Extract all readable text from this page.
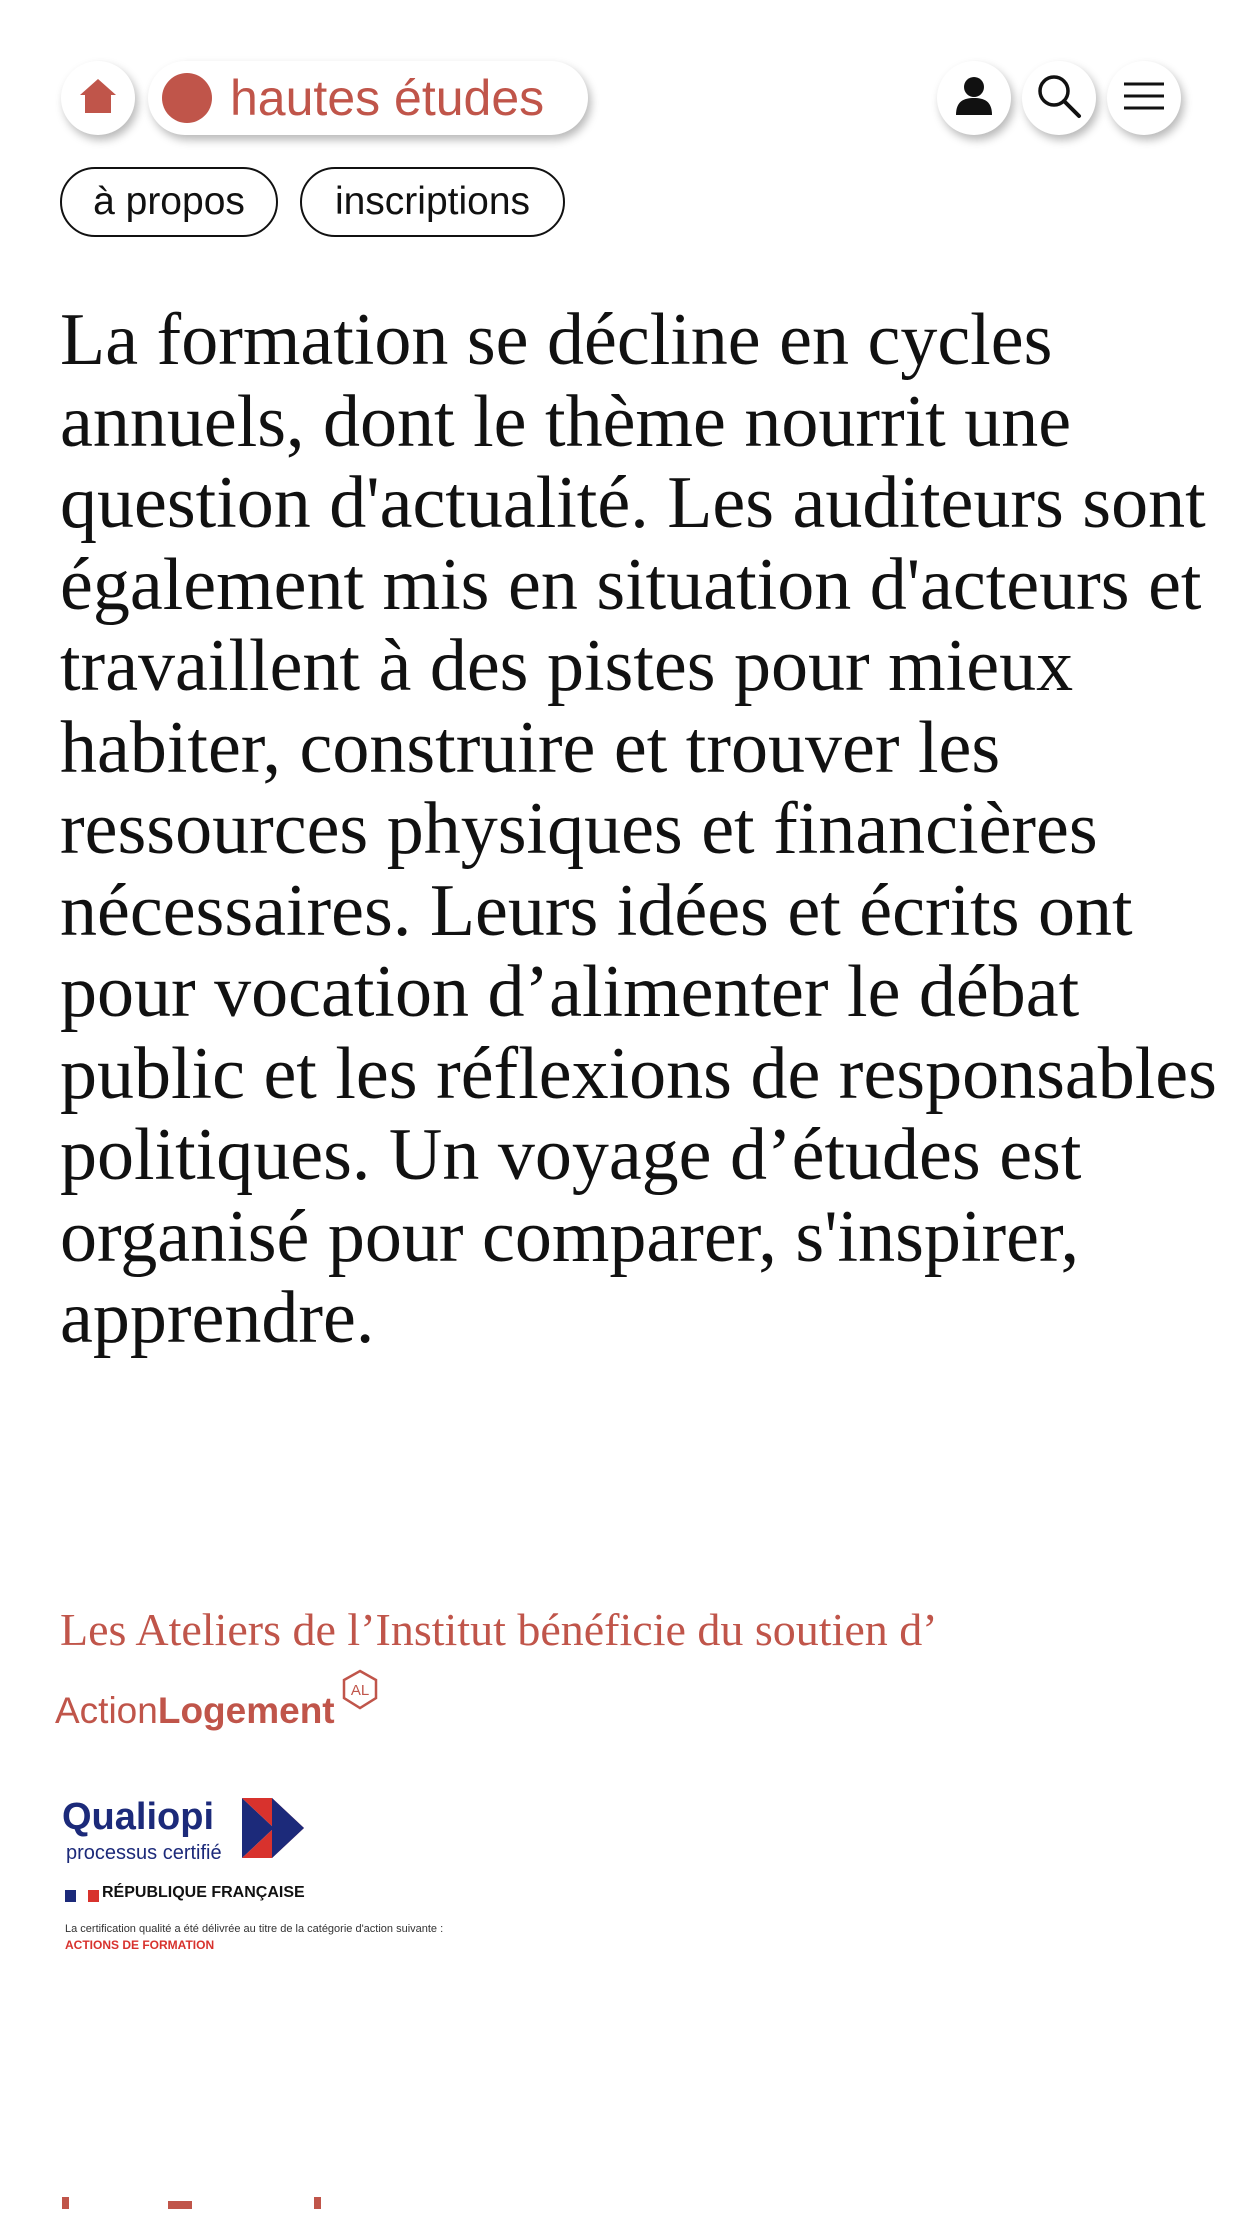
hautes études
à propos	inscriptions

La formation se décline en cycles annuels, dont le thème nourrit une question d'actualité. Les auditeurs sont également mis en situation d'acteurs et travaillent à des pistes pour mieux habiter, construire et trouver les ressources physiques et financières nécessaires. Leurs idées et écrits ont pour vocation d’alimenter le débat public et les réflexions de responsables politiques. Un voyage d’études est organisé pour comparer, s'inspirer, apprendre.

Les Ateliers de l’Institut bénéficie du soutien d’

ActionLogement AL
Qualiopi
processus certifié
RÉPUBLIQUE FRANÇAISE
La certification qualité a été délivrée au titre de la catégorie d'action suivante :
ACTIONS DE FORMATION
